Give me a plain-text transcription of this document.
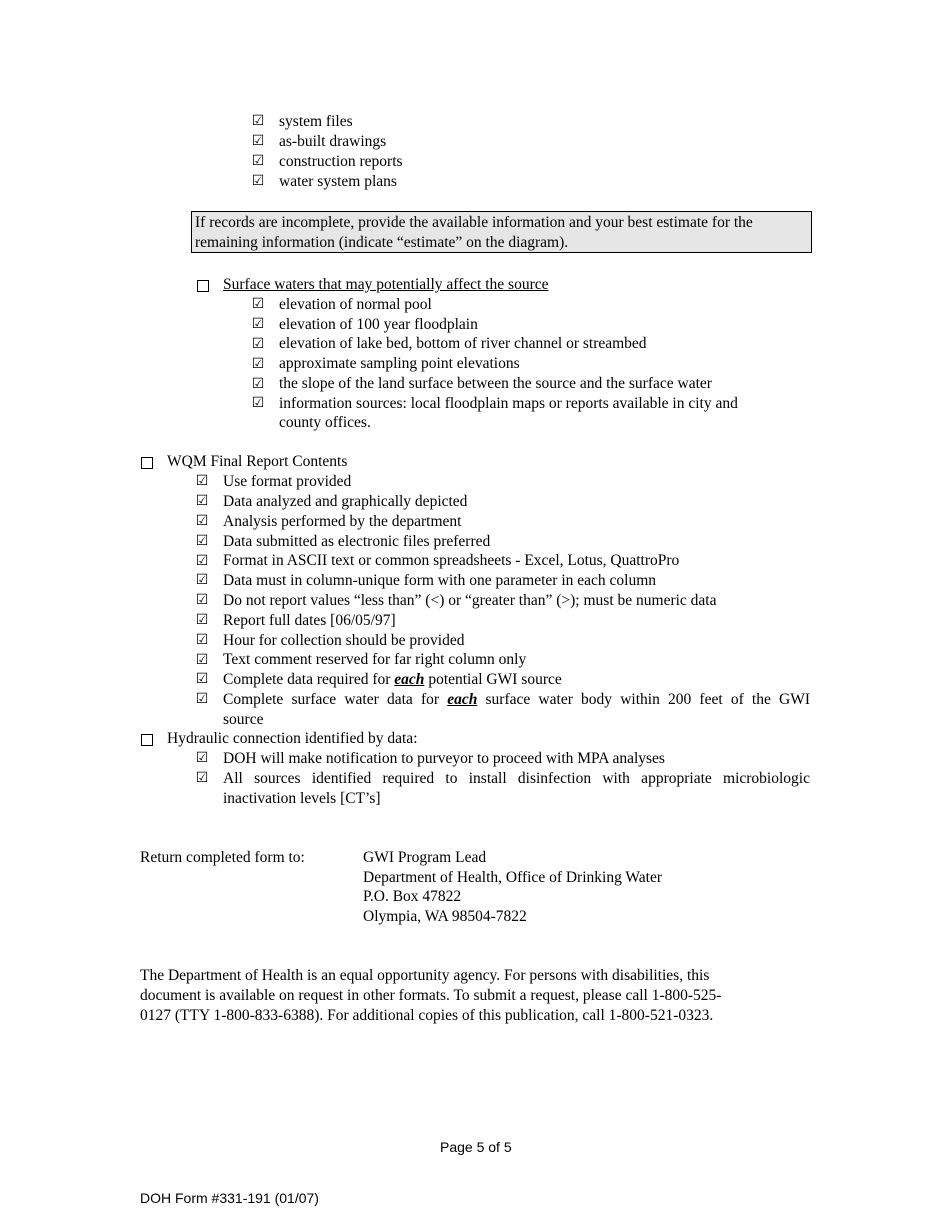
☑ system files
☑ as-built drawings
☑ construction reports
☑ water system plans
If records are incomplete, provide the available information and your best estimate for the
remaining information (indicate “estimate” on the diagram).
Surface waters that may potentially affect the source
☑ elevation of normal pool
☑ elevation of 100 year floodplain
☑ elevation of lake bed, bottom of river channel or streambed
☑ approximate sampling point elevations
☑ the slope of the land surface between the source and the surface water
☑ information sources: local floodplain maps or reports available in city and
county offices.
WQM Final Report Contents
☑ Use format provided
☑ Data analyzed and graphically depicted
☑ Analysis performed by the department
☑ Data submitted as electronic files preferred
☑ Format in ASCII text or common spreadsheets - Excel, Lotus, QuattroPro
☑ Data must in column-unique form with one parameter in each column
☑ Do not report values “less than” (<) or “greater than” (>); must be numeric data
☑ Report full dates [06/05/97]
☑ Hour for collection should be provided
☑ Text comment reserved for far right column only
☑ Complete data required for each potential GWI source
☑ Complete surface water data for each surface water body within 200 feet of the GWI
source
Hydraulic connection identified by data:
☑ DOH will make notification to purveyor to proceed with MPA analyses
☑ All sources identified required to install disinfection with appropriate microbiologic
inactivation levels [CT’s]
Return completed form to:	GWI Program Lead
Department of Health, Office of Drinking Water
P.O. Box 47822
Olympia, WA 98504-7822
The Department of Health is an equal opportunity agency. For persons with disabilities, this
document is available on request in other formats. To submit a request, please call 1-800-525-
0127 (TTY 1-800-833-6388). For additional copies of this publication, call 1-800-521-0323.
Page 5 of 5
DOH Form #331-191 (01/07)
